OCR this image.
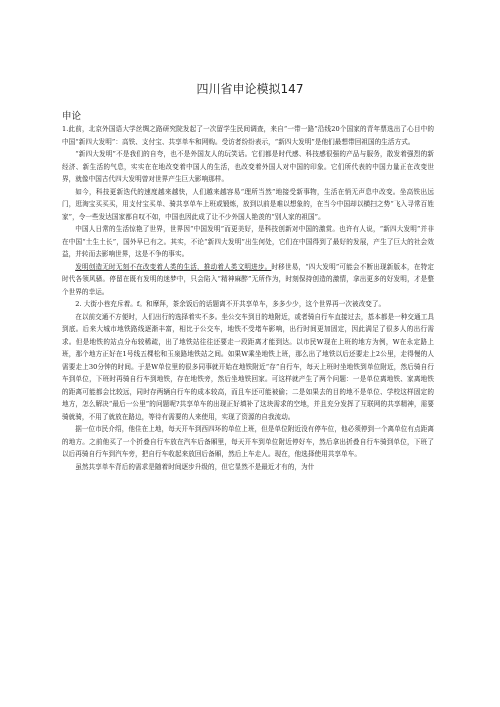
四川省申论模拟147
申论

1.此前，北京外国语大学丝绸之路研究院发起了一次留学生民间调查，来自“一带一路”沿线20个国家的青年票选出了心目中的中国“新四大发明”：高铁、支付宝、共享单车和网购。受访者纷纷表示，“新四大发明”是他们最想带回祖国的生活方式。

“新四大发明”不是我们的自夸，也不是外国友人的玩笑话。它们都是时代感、科技感很强的产品与服务，散发着强烈的新经济、新生活的气息，实实在在地改变着中国人的生活，也改变着外国人对中国的印象。它们所代表的中国力量正在改变世界，就像中国古代四大发明曾对世界产生巨大影响那样。

如今，科技更新迭代的速度越来越快，人们越来越容易“理所当然”地接受新事物，生活在悄无声息中改变。坐高铁出远门，逛淘宝买买买，用支付宝买单、骑共享单车上班或锻炼，放到以前是难以想象的，在当今中国却以横扫之势“飞入寻常百姓家”，令一些发达国家都自叹不如，中国也因此成了让不少外国人艳羡的“别人家的祖国”。

中国人日常的生活惊艳了世界，世界因“中国发明”而更美好，是科技创新对中国的激赏。也许有人说，“新四大发明”并非在中国“土生土长”，国外早已有之。其实，不论“新四大发明”出生何处，它们在中国得到了最好的发展，产生了巨大的社会效益，并转而去影响世界，这是不争的事实。

发明创造无时无刻不在改变着人类的生活，推动着人类文明进步。时移世易，“四大发明”可能会不断出现新版本，在特定时代各领风骚。停留在既有发明的迷梦中，只会陷入“精神麻醉”无所作为，时刻保持创造的激情，拿出更多的好发明，才是整个世界的幸运。

2. 大街小巷充斥着。f。和摩拜，茶余饭后的话题离不开共享单车，多多少少，这个世界再一次被改变了。

在以前交通不方便时，人们出行的选择着实不多。坐公交车到目的地附近，或者骑自行车直接过去，基本都是一种交通工具到底。后来大城市地铁路线逐渐丰富，相比于公交车，地铁不受堵车影响，出行时间更加固定，因此满足了很多人的出行需求。但是地铁的站点分布较稀疏，出了地铁站往往还要走一段距离才能到达。以市民W现在上班的地方为例，W在永定路上班，那个地方正好在1号线五棵松和玉泉路地铁站之间。如果W乘坐地铁上班，那么出了地铁以后还要走上2公里，走得慢的人需要走上30分钟的时间。于是W单位里的很多同事就开始在地铁附近“存”自行车，每天上班时坐地铁到单位附近，然后骑自行车到单位，下班时再骑自行车到地铁，存在地铁旁，然后坐地铁回家。可这样就产生了两个问题：一是单位离地铁、家离地铁的距离可能都会比较远，同时存两辆自行车的成本较高，而且车还可能被偷；二是如果去的目的地不是单位、学校这样固定的地方，怎么解决“最后一公里”的问题呢?共享单车的出现正好填补了这块需求的空地，并且充分发挥了互联网的共享精神，需要骑就骑，不用了就放在路边，等待有需要的人来使用，实现了资源的自我流动。

据一位市民介绍，他住在上地，每天开车到西四环的单位上班，但是单位附近没有停车位，他必须停到一个离单位有点距离的地方。之前他买了一个折叠自行车放在汽车后备厢里，每天开车到单位附近停好车，然后拿出折叠自行车骑到单位，下班了以后再骑自行车到汽车旁，把自行车收起来放回后备厢，然后上车走人。现在，他选择使用共享单车。

虽然共享单车背后的需求是随着时间逐步升级的，但它显然不是最近才有的，为什
